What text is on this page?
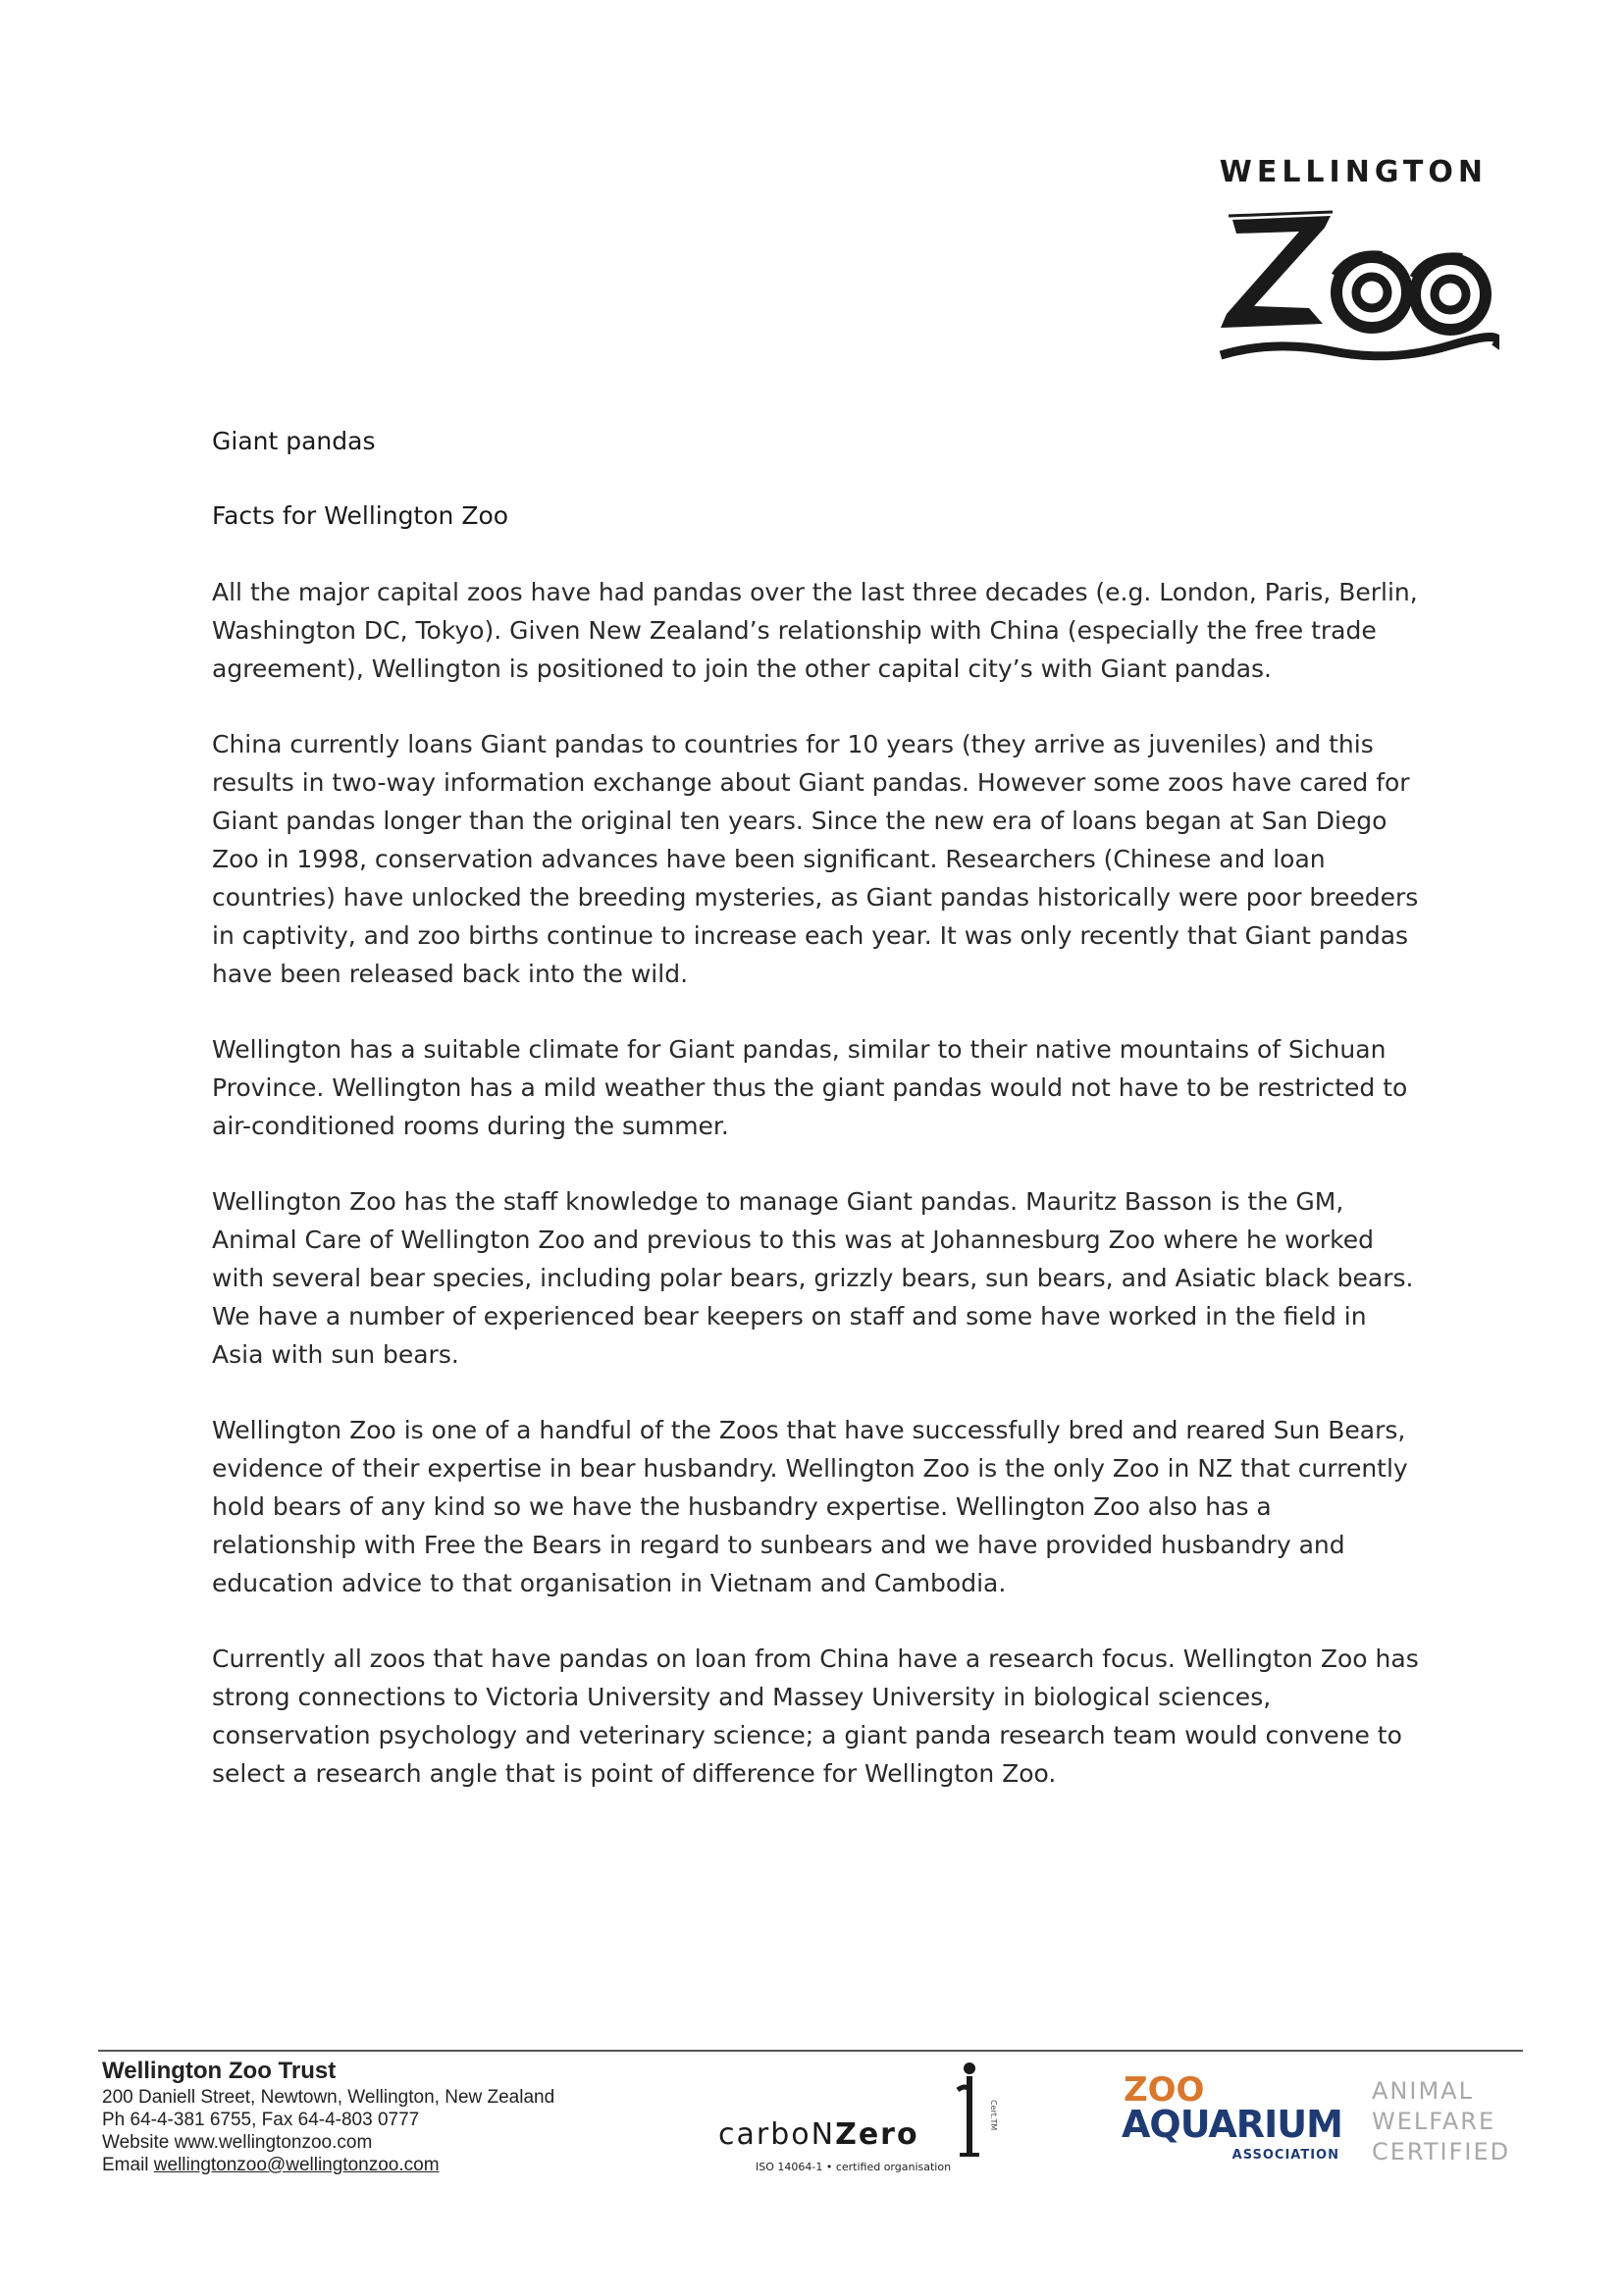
WELLINGTON

Giant pandas

Facts for Wellington Zoo

All the major capital zoos have had pandas over the last three decades (e.g. London, Paris, Berlin, Washington DC, Tokyo). Given New Zealand’s relationship with China (especially the free trade agreement), Wellington is positioned to join the other capital city’s with Giant pandas.

China currently loans Giant pandas to countries for 10 years (they arrive as juveniles) and this results in two-way information exchange about Giant pandas. However some zoos have cared for Giant pandas longer than the original ten years. Since the new era of loans began at San Diego Zoo in 1998, conservation advances have been significant. Researchers (Chinese and loan countries) have unlocked the breeding mysteries, as Giant pandas historically were poor breeders in captivity, and zoo births continue to increase each year. It was only recently that Giant pandas have been released back into the wild.

Wellington has a suitable climate for Giant pandas, similar to their native mountains of Sichuan Province. Wellington has a mild weather thus the giant pandas would not have to be restricted to air-conditioned rooms during the summer.

Wellington Zoo has the staff knowledge to manage Giant pandas. Mauritz Basson is the GM, Animal Care of Wellington Zoo and previous to this was at Johannesburg Zoo where he worked with several bear species, including polar bears, grizzly bears, sun bears, and Asiatic black bears. We have a number of experienced bear keepers on staff and some have worked in the field in Asia with sun bears.

Wellington Zoo is one of a handful of the Zoos that have successfully bred and reared Sun Bears, evidence of their expertise in bear husbandry. Wellington Zoo is the only Zoo in NZ that currently hold bears of any kind so we have the husbandry expertise. Wellington Zoo also has a relationship with Free the Bears in regard to sunbears and we have provided husbandry and education advice to that organisation in Vietnam and Cambodia.

Currently all zoos that have pandas on loan from China have a research focus. Wellington Zoo has strong connections to Victoria University and Massey University in biological sciences, conservation psychology and veterinary science; a giant panda research team would convene to select a research angle that is point of difference for Wellington Zoo.

Wellington Zoo Trust
200 Daniell Street, Newtown, Wellington, New Zealand
Ph 64-4-381 6755, Fax 64-4-803 0777
Website www.wellingtonzoo.com
Email wellingtonzoo@wellingtonzoo.com
Cert.TM
carboNZero
ISO 14064-1 • certified organisation
ZOO
AQUARIUM
ASSOCIATION
ANIMAL
WELFARE
CERTIFIED
